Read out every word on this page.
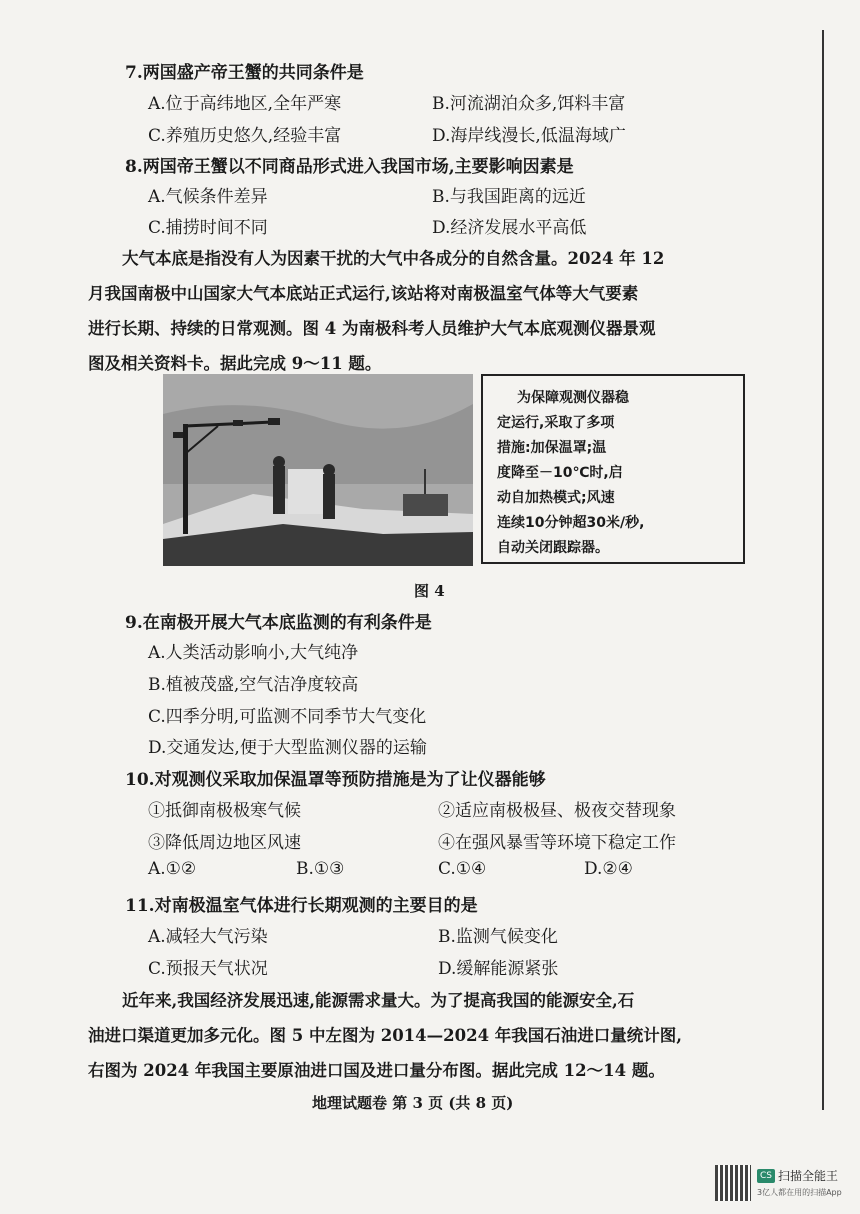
7.两国盛产帝王蟹的共同条件是
A.位于高纬地区,全年严寒	B.河流湖泊众多,饵料丰富
C.养殖历史悠久,经验丰富	D.海岸线漫长,低温海域广
8.两国帝王蟹以不同商品形式进入我国市场,主要影响因素是
A.气候条件差异	B.与我国距离的远近
C.捕捞时间不同	D.经济发展水平高低

大气本底是指没有人为因素干扰的大气中各成分的自然含量。2024 年 12

月我国南极中山国家大气本底站正式运行,该站将对南极温室气体等大气要素

进行长期、持续的日常观测。图 4 为南极科考人员维护大气本底观测仪器景观

图及相关资料卡。据此完成 9～11 题。

为保障观测仪器稳
定运行,采取了多项
措施:加保温罩;温
度降至－10℃时,启
动自加热模式;风速
连续10分钟超30米/秒,
自动关闭跟踪器。
图 4
9.在南极开展大气本底监测的有利条件是
A.人类活动影响小,大气纯净
B.植被茂盛,空气洁净度较高
C.四季分明,可监测不同季节大气变化
D.交通发达,便于大型监测仪器的运输
10.对观测仪采取加保温罩等预防措施是为了让仪器能够
①抵御南极极寒气候	②适应南极极昼、极夜交替现象
③降低周边地区风速	④在强风暴雪等环境下稳定工作
A.①②	B.①③	C.①④	D.②④
11.对南极温室气体进行长期观测的主要目的是
A.减轻大气污染	B.监测气候变化
C.预报天气状况	D.缓解能源紧张

近年来,我国经济发展迅速,能源需求量大。为了提高我国的能源安全,石

油进口渠道更加多元化。图 5 中左图为 2014—2024 年我国石油进口量统计图,

右图为 2024 年我国主要原油进口国及进口量分布图。据此完成 12～14 题。

地理试题卷 第 3 页 (共 8 页)
CS 扫描全能王
3亿人都在用的扫描App
